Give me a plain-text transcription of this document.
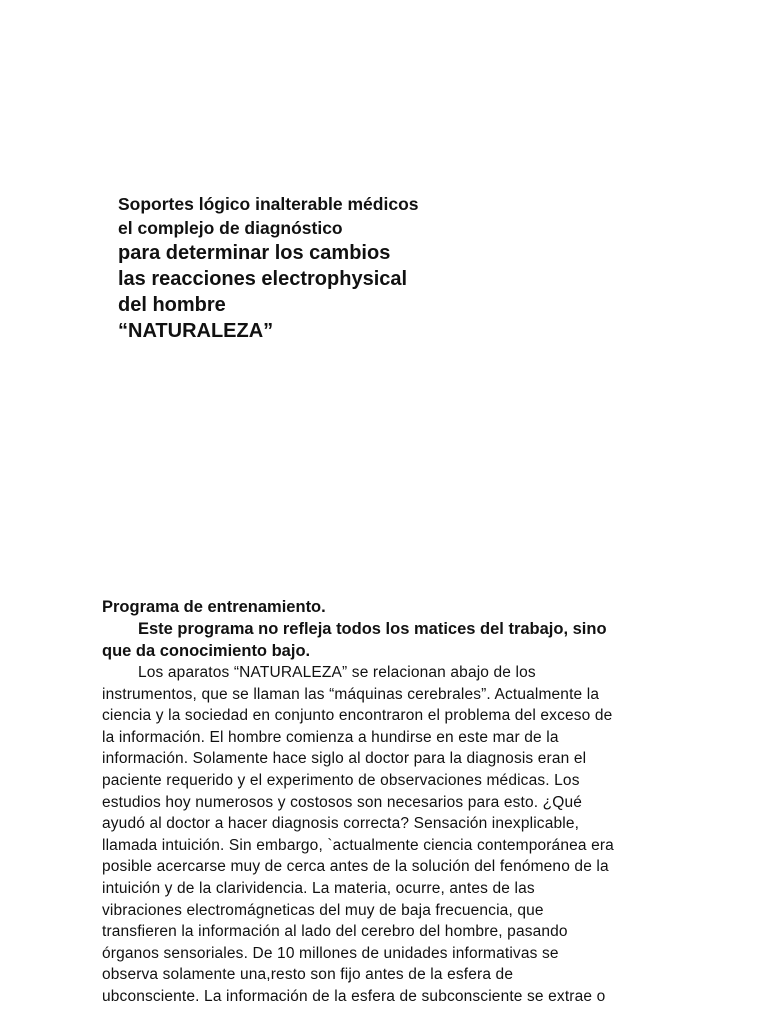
Soportes lógico inalterable médicos
el complejo de diagnóstico
para determinar los cambios
las reacciones electrophysical
del hombre
“NATURALEZA”
Programa de entrenamiento.
Este programa no refleja todos los matices del trabajo, sino
que da conocimiento bajo.
Los aparatos “NATURALEZA” se relacionan abajo de los
instrumentos, que se llaman las “máquinas cerebrales”. Actualmente la
ciencia y la sociedad en conjunto encontraron el problema del exceso de
la información. El hombre comienza a hundirse en este mar de la
información. Solamente hace siglo al doctor para la diagnosis eran el
paciente requerido y el experimento de observaciones médicas. Los
estudios hoy numerosos y costosos son necesarios para esto. ¿Qué
ayudó al doctor a hacer diagnosis correcta? Sensación inexplicable,
llamada intuición. Sin embargo, `actualmente ciencia contemporánea era
posible acercarse muy de cerca antes de la solución del fenómeno de la
intuición y de la clarividencia. La materia, ocurre, antes de las
vibraciones electromágneticas del muy de baja frecuencia, que
transfieren la información al lado del cerebro del hombre, pasando
órganos sensoriales. De 10 millones de unidades informativas se
observa solamente una,resto son fijo antes de la esfera de
ubconsciente. La información de la esfera de subconsciente se extrae o
